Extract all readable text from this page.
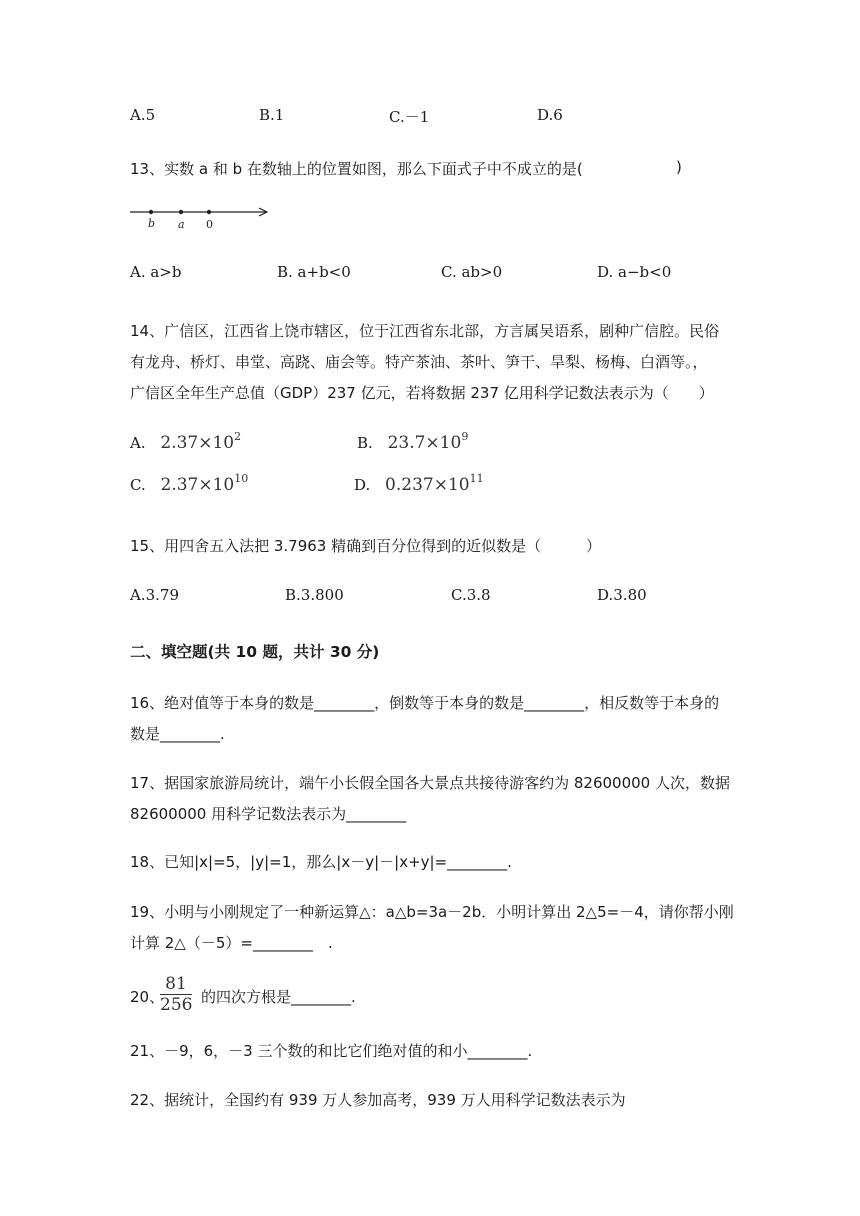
A.5	B.1	C.－1	D.6
13、实数 a 和 b 在数轴上的位置如图，那么下面式子中不成立的是(	)
b a 0
A. a>b	B. a+b<0	C. ab>0	D. a−b<0
14、广信区，江西省上饶市辖区，位于江西省东北部，方言属吴语系，剧种广信腔。民俗
有龙舟、桥灯、串堂、高跷、庙会等。特产茶油、茶叶、笋干、旱梨、杨梅、白酒等。，
广信区全年生产总值（GDP）237 亿元，若将数据 237 亿用科学记数法表示为（　　）
A. $2.37\times 10^2$	B. $23.7\times 10^9$
C. $2.37\times 10^{10}$	D. $0.237\times 10^{11}$
15、用四舍五入法把 3.7963 精确到百分位得到的近似数是（	）
A.3.79	B.3.800	C.3.8	D.3.80
二、填空题(共 10 题，共计 30 分)
16、绝对值等于本身的数是________，倒数等于本身的数是________，相反数等于本身的
数是________.
17、据国家旅游局统计，端午小长假全国各大景点共接待游客约为 82600000 人次，数据
82600000 用科学记数法表示为________
18、已知|x|=5，|y|=1，那么|x－y|－|x+y|=________.
19、小明与小刚规定了一种新运算△：a△b=3a－2b．小明计算出 2△5=－4，请你帮小刚
计算 2△（－5）=________　.
20、
$\frac{81}{256}$ 的四次方根是________.
21、－9，6，－3 三个数的和比它们绝对值的和小________.
22、据统计，全国约有 939 万人参加高考，939 万人用科学记数法表示为
